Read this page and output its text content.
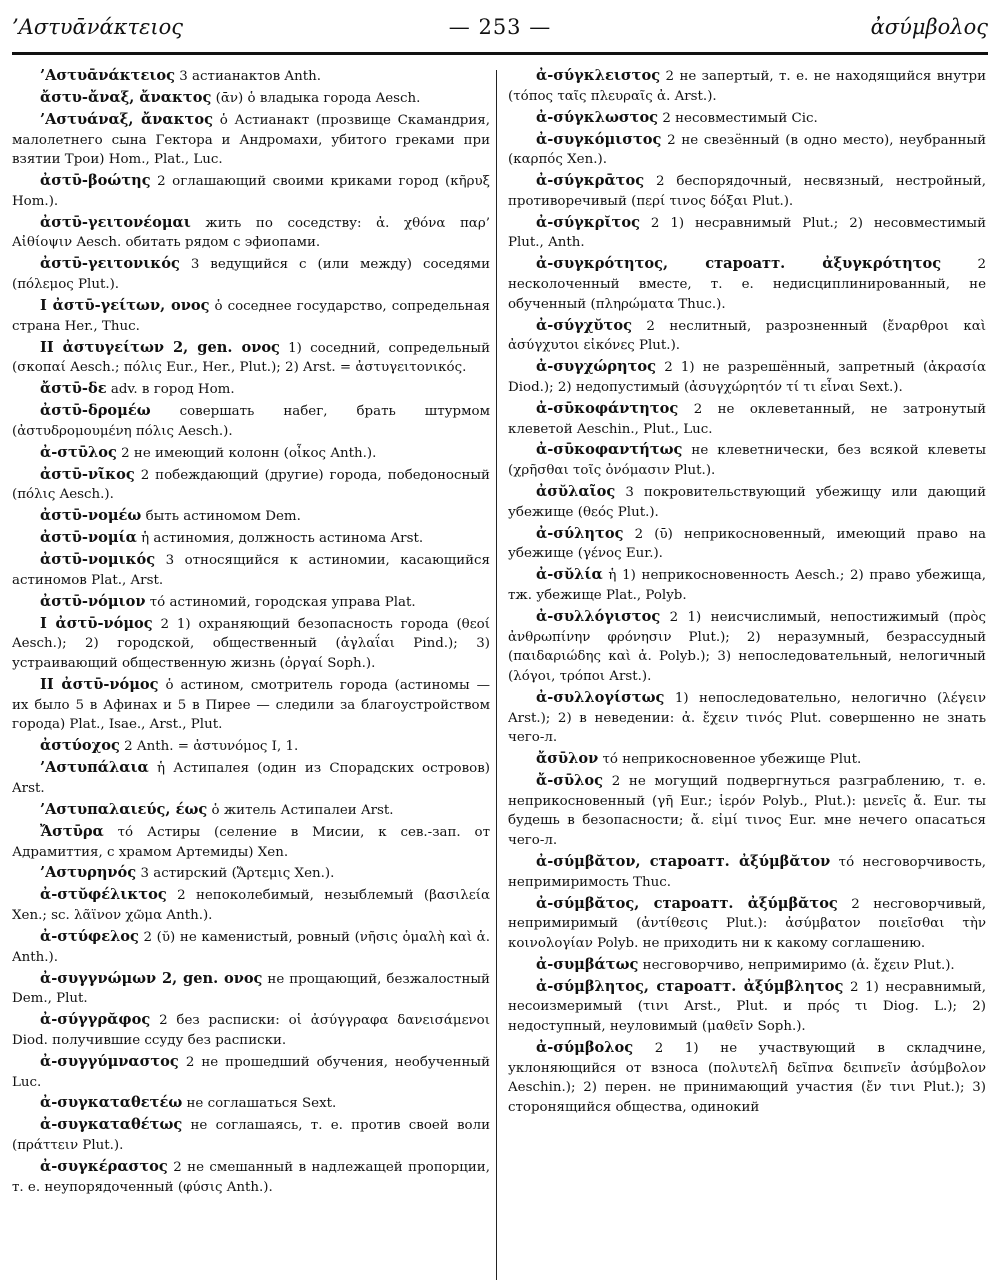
’Αστυᾱνάκτειος	— 253 —	ἀσύμβολος

’Αστυᾱνάκτειος 3 астианактов Anth.

ἄστυ-ἄναξ, ἄνακτος (ᾱν) ὁ владыка города Aesch.

’Αστυάναξ, ἄνακτος ὁ Астианакт (прозвище Скамандрия, малолетнего сына Гектора и Андромахи, убитого греками при взятии Трои) Hom., Plat., Luc.

ἀστῡ-βοώτης 2 оглашающий своими криками город (κῆρυξ Hom.).

ἀστῡ-γειτονέομαι жить по соседству: ἀ. χθόνα παρ’ Αἰθίοψιν Aesch. обитать рядом с эфиопами.

ἀστῡ-γειτονικός 3 ведущийся с (или между) соседями (πόλεμος Plut.).

I ἀστῡ-γείτων, ονος ὁ соседнее государство, сопредельная страна Her., Thuc.

II ἀστυγείτων 2, gen. ονος 1) соседний, сопредельный (σκοπαί Aesch.; πόλις Eur., Her., Plut.); 2) Arst. = ἀστυγειτονικός.

ἄστῡ-δε adv. в город Hom.

ἀστῡ-δρομέω совершать набег, брать штурмом (ἀστυδρομουμένη πόλις Aesch.).

ἀ-στῡλος 2 не имеющий колонн (οἶκος Anth.).

ἀστῡ-νῖκος 2 побеждающий (другие) города, победоносный (πόλις Aesch.).

ἀστῡ-νομέω быть астиномом Dem.

ἀστῡ-νομία ἡ астиномия, должность астинома Arst.

ἀστῡ-νομικός 3 относящийся к астиномии, касающийся астиномов Plat., Arst.

ἀστῡ-νόμιον τό астиномий, городская управа Plat.

I ἀστῡ-νόμος 2 1) охраняющий безопасность города (θεοί Aesch.); 2) городской, общественный (ἀγλαΐαι Pind.); 3) устраивающий общественную жизнь (ὀργαί Soph.).

II ἀστῡ-νόμος ὁ астином, смотритель города (астиномы — их было 5 в Афинах и 5 в Пирее — следили за благоустройством города) Plat., Isae., Arst., Plut.

ἀστύοχος 2 Anth. = ἀστυνόμος I, 1.

’Αστυπάλαια ἡ Астипалея (один из Спорадских островов) Arst.

’Αστυπαλαιεύς, έως ὁ житель Астипалеи Arst.

Ἄστῡρα τό Астиры (селение в Мисии, к сев.-зап. от Адрамиттия, с храмом Артемиды) Xen.

’Αστυρηνός 3 астирский (Ἄρτεμις Xen.).

ἀ-στῠφέλικτος 2 непоколебимый, незыблемый (βασιλεία Xen.; sc. λᾶϊνον χῶμα Anth.).

ἀ-στύφελος 2 (ῠ) не каменистый, ровный (νῆσις ὁμαλὴ καὶ ἀ. Anth.).

ἀ-συγγνώμων 2, gen. ονος не прощающий, безжалостный Dem., Plut.

ἀ-σύγγρᾰφος 2 без расписки: οἱ ἀσύγγραφα δανεισάμενοι Diod. получившие ссуду без расписки.

ἀ-συγγύμναστος 2 не прошедший обучения, необученный Luc.

ἀ-συγκαταθετέω не соглашаться Sext.

ἀ-συγκαταθέτως не соглашаясь, т. е. против своей воли (πράττειν Plut.).

ἀ-συγκέραστος 2 не смешанный в надлежащей пропорции, т. е. неупорядоченный (φύσις Anth.).

ἀ-σύγκλειστος 2 не запертый, т. е. не находящийся внутри (τόπος ταῖς πλευραῖς ἀ. Arst.).

ἀ-σύγκλωστος 2 несовместимый Cic.

ἀ-συγκόμιστος 2 не свезённый (в одно место), неубранный (καρπός Xen.).

ἀ-σύγκρᾱτος 2 беспорядочный, несвязный, нестройный, противоречивый (περί τινος δόξαι Plut.).

ἀ-σύγκρῐτος 2 1) несравнимый Plut.; 2) несовместимый Plut., Anth.

ἀ-συγκρότητος, староатт. ἀξυγκρότητος	2 несколоченный вместе, т. е. недисциплинированный, не обученный (πληρώματα Thuc.).

ἀ-σύγχῠτος 2 неслитный, разрозненный (ἔναρθροι καὶ ἀσύγχυτοι εἰκόνες Plut.).

ἀ-συγχώρητος 2 1) не разрешённый, запретный (ἀκρασία Diod.); 2) недопустимый (ἀσυγχώρητόν τί τι εἶναι Sext.).

ἀ-σῡκοφάντητος 2 не оклеветанный, не затронутый клеветой Aeschin., Plut., Luc.

ἀ-σῡκοφαντήτως не клеветнически, без всякой клеветы (χρῆσθαι τοῖς ὀνόμασιν Plut.).

ἀσῠλαῖος 3 покровительствующий убежищу или дающий убежище (θεός Plut.).

ἀ-σύλητος 2 (ῡ) неприкосновенный, имеющий право на убежище (γένος Eur.).

ἀ-σῠλία ἡ 1) неприкосновенность Aesch.; 2) право убежища, тж. убежище Plat., Polyb.

ἀ-συλλόγιστος 2 1) неисчислимый, непостижимый (πρὸς ἀνθρωπίνην φρόνησιν Plut.); 2) неразумный, безрассудный (παιδαριώδης καὶ ἀ. Polyb.); 3) непоследовательный, нелогичный (λόγοι, τρόποι Arst.).

ἀ-συλλογίστως 1) непоследовательно, нелогично (λέγειν Arst.); 2) в неведении: ἀ. ἔχειν τινός Plut. совершенно не знать чего-л.

ἄσῡλον τό неприкосновенное убежище Plut.

ἄ-σῡλος 2 не могущий подвергнуться разграблению, т. е. неприкосновенный (γῆ Eur.; ἱερόν Polyb., Plut.): μενεῖς ἄ. Eur. ты будешь в безопасности; ἄ. εἰμί τινος Eur. мне нечего опасаться чего-л.

ἀ-σύμβᾰτον, староатт. ἀξύμβᾰτον τό несговорчивость, непримиримость Thuc.

ἀ-σύμβᾰτος, староатт. ἀξύμβᾰτος 2 несговорчивый, непримиримый (ἀντίθεσις Plut.): ἀσύμβατον ποιεῖσθαι τὴν κοινολογίαν Polyb. не приходить ни к какому соглашению.

ἀ-συμβάτως несговорчиво, непримиримо (ἀ. ἔχειν Plut.).

ἀ-σύμβλητος, староатт. ἀξύμβλητος 2 1) несравнимый, несоизмеримый (τινι Arst., Plut. и πρός τι Diog. L.); 2) недоступный, неуловимый (μαθεῖν Soph.).

ἀ-σύμβολος 2 1) не участвующий в складчине, уклоняющийся от взноса (πολυτελῆ δεῖπνα δειπνεῖν ἀσύμβολον Aeschin.); 2) перен. не принимающий участия (ἔν τινι Plut.); 3) сторонящийся общества, одинокий
